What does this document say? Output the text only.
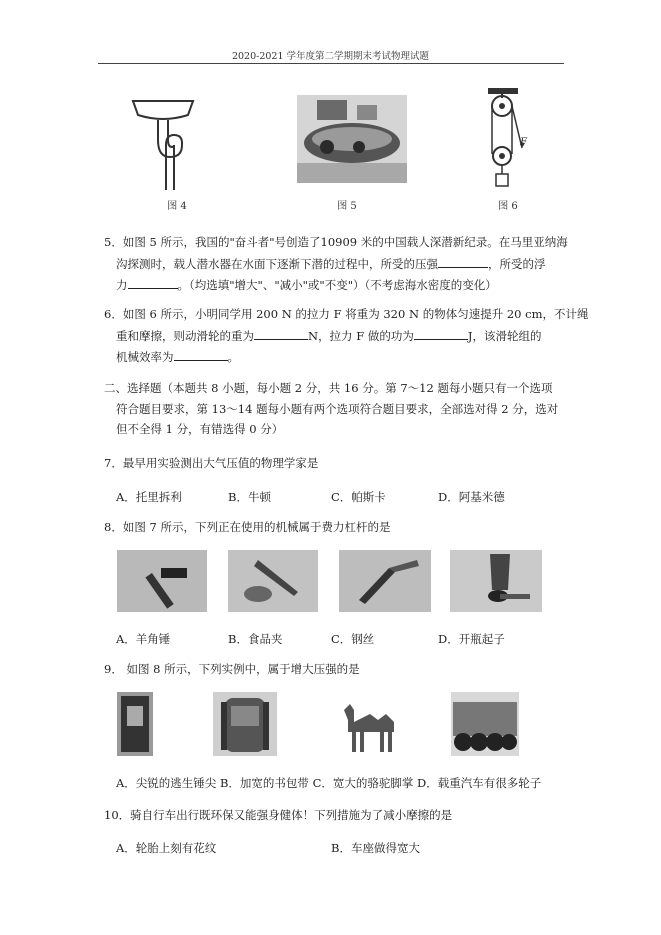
2020-2021 学年度第二学期期末考试物理试题
图 4	图 5
F
图 6
5．如图 5 所示，我国的"奋斗者"号创造了10909 米的中国载人深潜新纪录。在马里亚纳海
沟探测时，载人潜水器在水面下逐渐下潜的过程中，所受的压强	，所受的浮
力	。（均选填"增大"、"减小"或"不变"）（不考虑海水密度的变化）
6．如图 6 所示，小明同学用 200 N 的拉力 F 将重为 320 N 的物体匀速提升 20 cm，不计绳
重和摩擦，则动滑轮的重为	N，拉力 F 做的功为	J，该滑轮组的
机械效率为	。
二、选择题（本题共 8 小题，每小题 2 分，共 16 分。第 7～12 题每小题只有一个选项
符合题目要求，第 13～14 题每小题有两个选项符合题目要求，全部选对得 2 分，选对
但不全得 1 分，有错选得 0 分）
7．最早用实验测出大气压值的物理学家是
A．托里拆利	B．牛顿	C．帕斯卡	D．阿基米德
8．如图 7 所示，下列正在使用的机械属于费力杠杆的是
A．羊角锤	B．食品夹	C．钢丝	D．开瓶起子
9． 如图 8 所示，下列实例中，属于增大压强的是
A．尖锐的逃生锤尖 B．加宽的书包带 C．宽大的骆驼脚掌 D．载重汽车有很多轮子
10．骑自行车出行既环保又能强身健体！下列措施为了减小摩擦的是
A．轮胎上刻有花纹	B．车座做得宽大
